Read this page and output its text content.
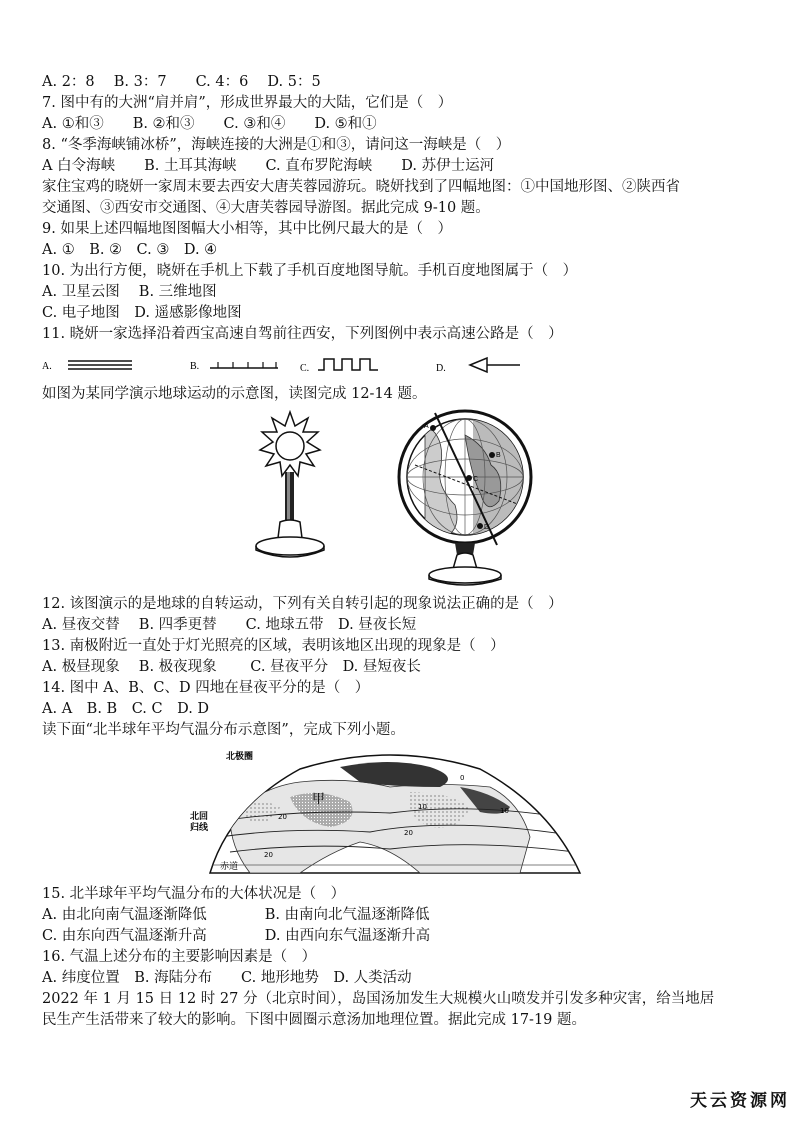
A. 2：8　 B. 3：7　　C. 4：6　 D. 5：5
7. 图中有的大洲“肩并肩”，形成世界最大的大陆，它们是（　）
A. ①和③　　B. ②和③　　C. ③和④　　D. ⑤和①
8. “冬季海峡铺冰桥”，海峡连接的大洲是①和③，请问这一海峡是（　）
A 白令海峡　　B. 土耳其海峡　　C. 直布罗陀海峡　　D. 苏伊士运河
家住宝鸡的晓妍一家周末要去西安大唐芙蓉园游玩。晓妍找到了四幅地图：①中国地形图、②陕西省
交通图、③西安市交通图、④大唐芙蓉园导游图。据此完成 9-10 题。
9. 如果上述四幅地图图幅大小相等，其中比例尺最大的是（　）
A. ①　B. ②　C. ③　D. ④
10. 为出行方便，晓妍在手机上下载了手机百度地图导航。手机百度地图属于（　）
A. 卫星云图　 B. 三维地图
C. 电子地图　D. 遥感影像地图
11. 晓妍一家选择沿着西宝高速自驾前往西安，下列图例中表示高速公路是（　）
A.	B.	C.	D.
如图为某同学演示地球运动的示意图，读图完成 12-14 题。
A
B
C
D
12. 该图演示的是地球的自转运动，下列有关自转引起的现象说法正确的是（　）
A. 昼夜交替　 B. 四季更替　　C. 地球五带　D. 昼夜长短
13. 南极附近一直处于灯光照亮的区域，表明该地区出现的现象是（　）
A. 极昼现象　 B. 极夜现象　　 C. 昼夜平分　D. 昼短夜长
14. 图中 A、B、C、D 四地在昼夜平分的是（　）
A. A　B. B　C. C　D. D
读下面“北半球年平均气温分布示意图”，完成下列小题。
北极圈
北回归线
赤道
甲
20
20
10
10
0
20
15. 北半球年平均气温分布的大体状况是（　）
A. 由北向南气温逐渐降低　　　　B. 由南向北气温逐渐降低
C. 由东向西气温逐渐升高　　　　D. 由西向东气温逐渐升高
16. 气温上述分布的主要影响因素是（　）
A. 纬度位置　B. 海陆分布　　C. 地形地势　D. 人类活动
2022 年 1 月 15 日 12 时 27 分（北京时间），岛国汤加发生大规模火山喷发并引发多种灾害，给当地居
民生产生活带来了较大的影响。下图中圆圈示意汤加地理位置。据此完成 17-19 题。
天云资源网
